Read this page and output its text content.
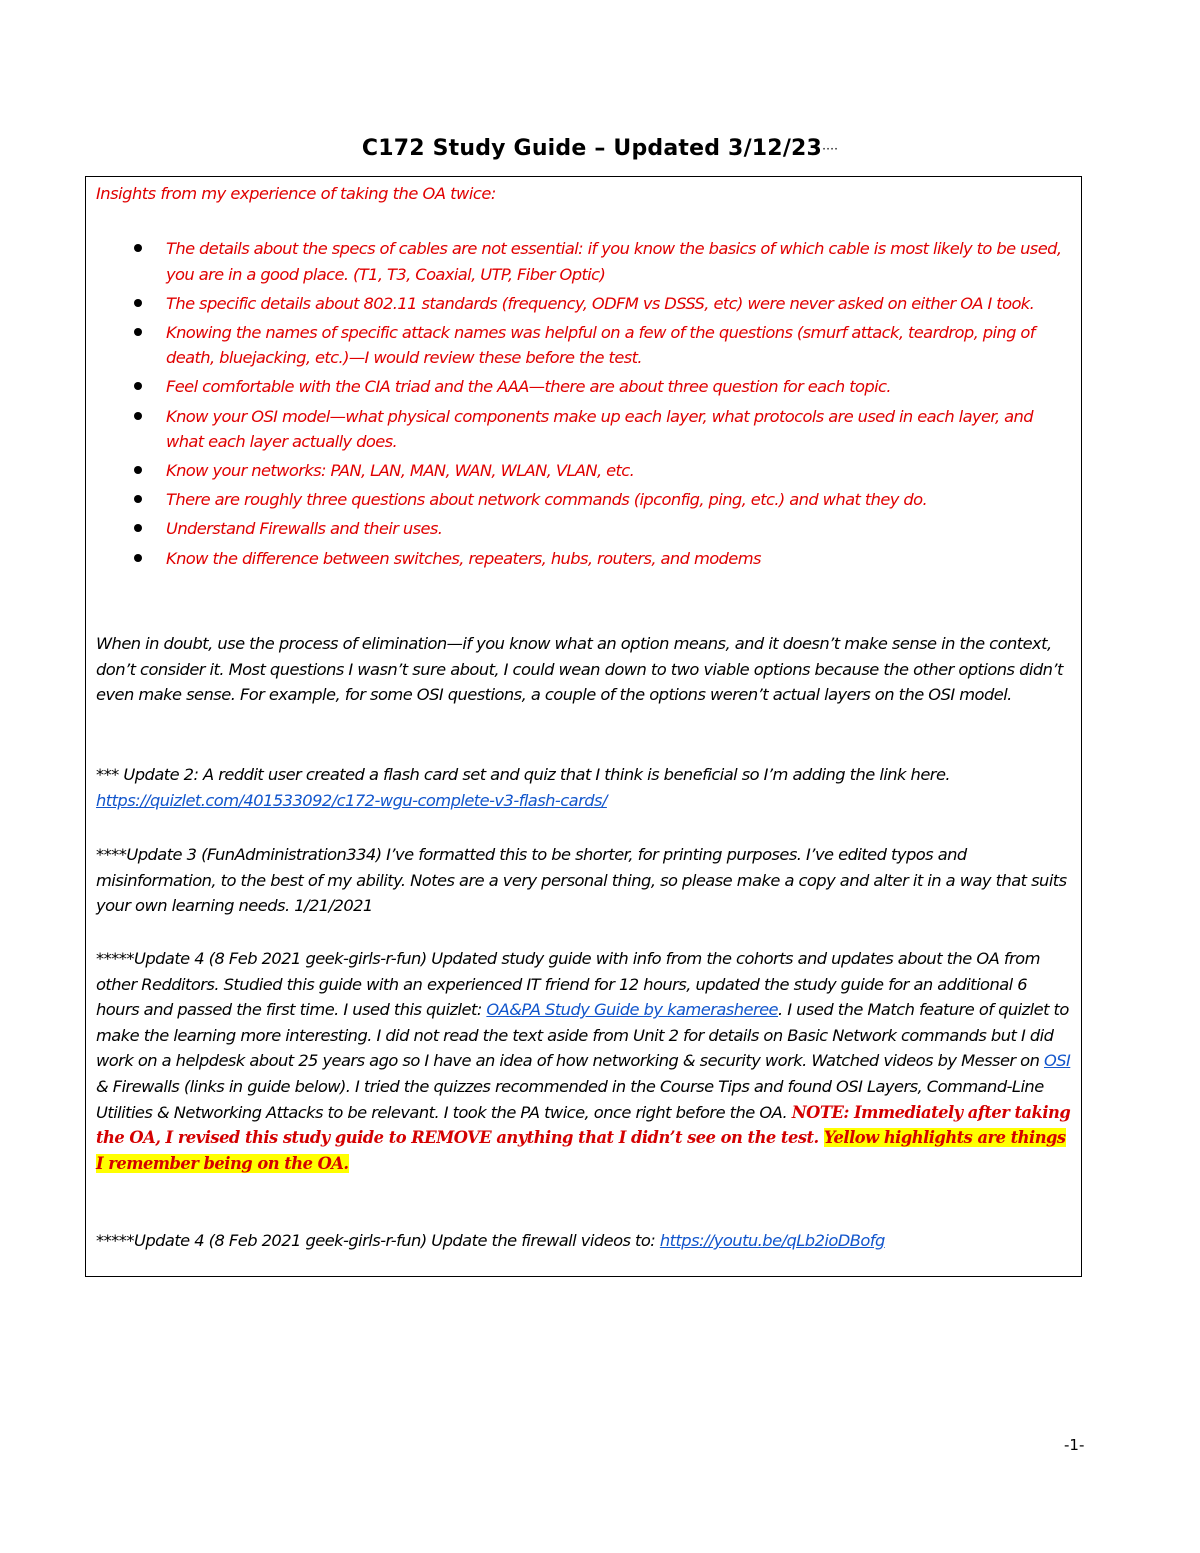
C172 Study Guide – Updated 3/12/23····
Insights from my experience of taking the OA twice:
The details about the specs of cables are not essential: if you know the basics of which cable is most likely to be used, you are in a good place. (T1, T3, Coaxial, UTP, Fiber Optic)
The specific details about 802.11 standards (frequency, ODFM vs DSSS, etc) were never asked on either OA I took.
Knowing the names of specific attack names was helpful on a few of the questions (smurf attack, teardrop, ping of death, bluejacking, etc.)—I would review these before the test.
Feel comfortable with the CIA triad and the AAA—there are about three question for each topic.
Know your OSI model—what physical components make up each layer, what protocols are used in each layer, and what each layer actually does.
Know your networks: PAN, LAN, MAN, WAN, WLAN, VLAN, etc.
There are roughly three questions about network commands (ipconfig, ping, etc.) and what they do.
Understand Firewalls and their uses.
Know the difference between switches, repeaters, hubs, routers, and modems

When in doubt, use the process of elimination—if you know what an option means, and it doesn’t make sense in the context, don’t consider it. Most questions I wasn’t sure about, I could wean down to two viable options because the other options didn’t even make sense. For example, for some OSI questions, a couple of the options weren’t actual layers on the OSI model.

*** Update 2: A reddit user created a flash card set and quiz that I think is beneficial so I’m adding the link here. https://quizlet.com/401533092/c172-wgu-complete-v3-flash-cards/

****Update 3 (FunAdministration334) I’ve formatted this to be shorter, for printing purposes. I’ve edited typos and misinformation, to the best of my ability. Notes are a very personal thing, so please make a copy and alter it in a way that suits your own learning needs. 1/21/2021

*****Update 4 (8 Feb 2021 geek-girls-r-fun) Updated study guide with info from the cohorts and updates about the OA from other Redditors. Studied this guide with an experienced IT friend for 12 hours, updated the study guide for an additional 6 hours and passed the first time. I used this quizlet: OA&PA Study Guide by kamerasheree. I used the Match feature of quizlet to make the learning more interesting. I did not read the text aside from Unit 2 for details on Basic Network commands but I did work on a helpdesk about 25 years ago so I have an idea of how networking & security work. Watched videos by Messer on OSI & Firewalls (links in guide below). I tried the quizzes recommended in the Course Tips and found OSI Layers, Command-Line Utilities & Networking Attacks to be relevant. I took the PA twice, once right before the OA. NOTE: Immediately after taking the OA, I revised this study guide to REMOVE anything that I didn’t see on the test. Yellow highlights are things I remember being on the OA.

*****Update 4 (8 Feb 2021 geek-girls-r-fun) Update the firewall videos to: https://youtu.be/qLb2ioDBofg

-1-
